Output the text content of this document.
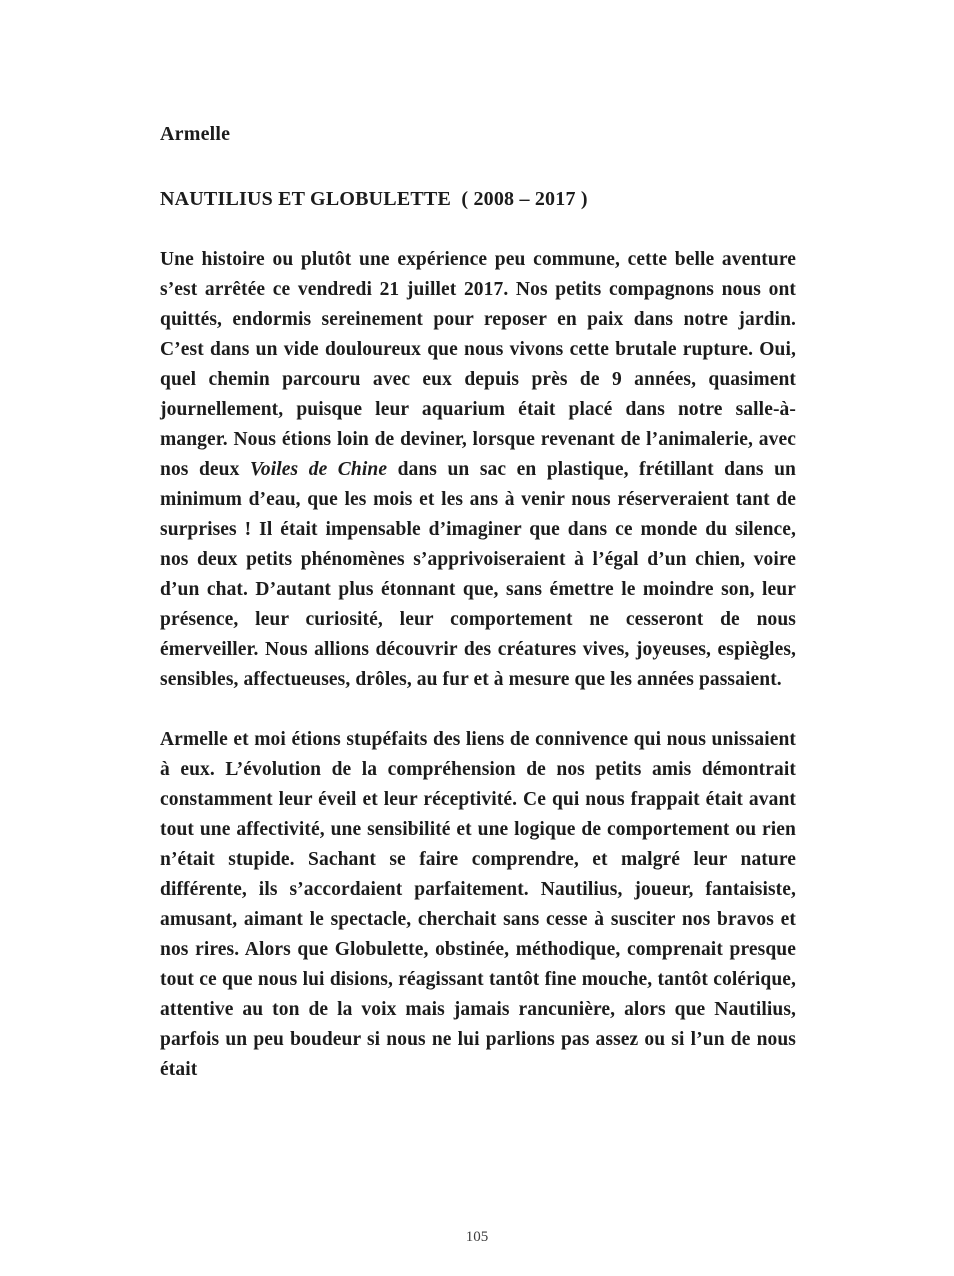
Armelle
NAUTILIUS ET GLOBULETTE  ( 2008 – 2017 )

Une histoire ou plutôt une expérience peu commune, cette belle aventure s’est arrêtée ce vendredi 21 juillet 2017. Nos petits compagnons nous ont quittés, endormis sereinement pour reposer en paix dans notre jardin. C’est dans un vide douloureux que nous vivons cette brutale rupture. Oui, quel chemin parcouru avec eux depuis près de 9 années, quasiment journellement, puisque leur aquarium était placé dans notre salle-à-manger. Nous étions loin de deviner, lorsque revenant de l’animalerie, avec nos deux Voiles de Chine dans un sac en plastique, frétillant dans un minimum d’eau, que les mois et les ans à venir nous réserveraient tant de surprises ! Il était impensable d’imaginer que dans ce monde du silence, nos deux petits phénomènes s’apprivoiseraient à l’égal d’un chien, voire d’un chat. D’autant plus étonnant que, sans émettre le moindre son, leur présence, leur curiosité, leur comportement ne cesseront de nous émerveiller. Nous allions découvrir des créatures vives, joyeuses, espiègles, sensibles, affectueuses, drôles, au fur et à mesure que les années passaient.

Armelle et moi étions stupéfaits des liens de connivence qui nous unissaient à eux. L’évolution de la compréhension de nos petits amis démontrait constamment leur éveil et leur réceptivité. Ce qui nous frappait était avant tout une affectivité, une sensibilité et une logique de comportement ou rien n’était stupide. Sachant se faire comprendre, et malgré leur nature différente, ils s’accordaient parfaitement. Nautilius, joueur, fantaisiste, amusant, aimant le spectacle, cherchait sans cesse à susciter nos bravos et nos rires. Alors que Globulette, obstinée, méthodique, comprenait presque tout ce que nous lui disions, réagissant tantôt fine mouche, tantôt colérique, attentive au ton de la voix mais jamais rancunière, alors que Nautilius, parfois un peu boudeur si nous ne lui parlions pas assez ou si l’un de nous était

105
